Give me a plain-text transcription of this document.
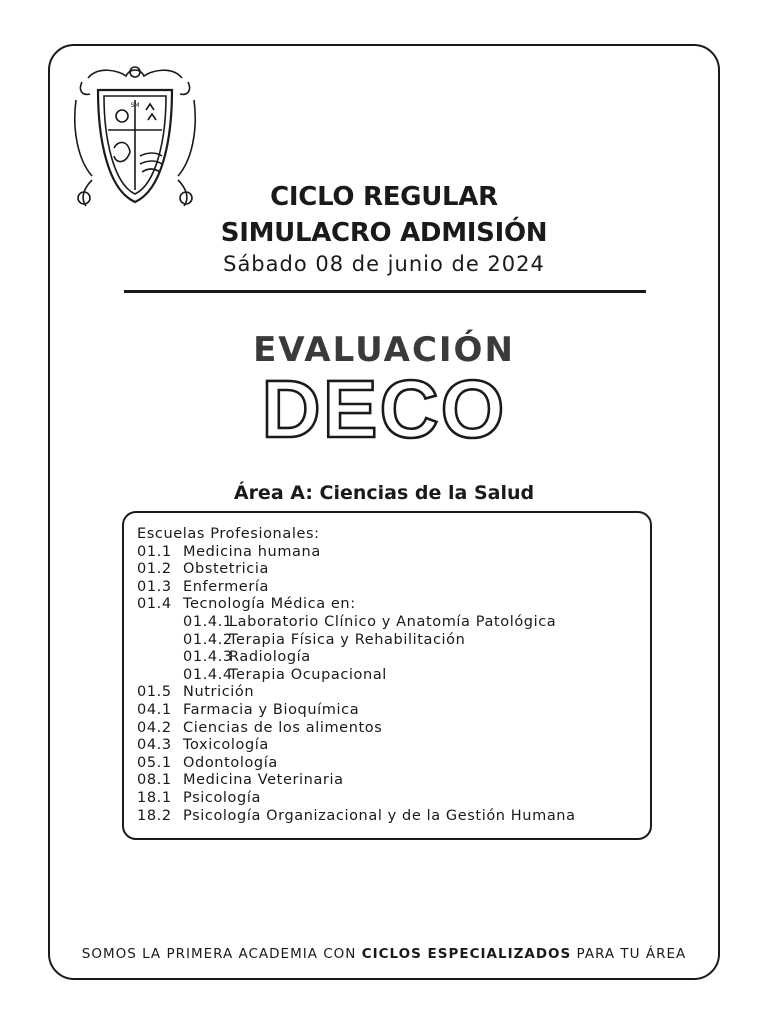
SM
CICLO REGULAR
SIMULACRO ADMISIÓN
Sábado 08 de junio de 2024
EVALUACIÓN
DECO
Área A: Ciencias de la Salud
Escuelas Profesionales:
01.1 Medicina humana
01.2 Obstetricia
01.3 Enfermería
01.4 Tecnología Médica en:
01.4.1
Laboratorio Clínico y Anatomía Patológica
01.4.2
Terapia Física y Rehabilitación
01.4.3
Radiología
01.4.4
Terapia Ocupacional
01.5 Nutrición
04.1 Farmacia y Bioquímica
04.2 Ciencias de los alimentos
04.3 Toxicología
05.1 Odontología
08.1 Medicina Veterinaria
18.1 Psicología
18.2 Psicología Organizacional y de la Gestión Humana
SOMOS LA PRIMERA ACADEMIA CON CICLOS ESPECIALIZADOS PARA TU ÁREA
